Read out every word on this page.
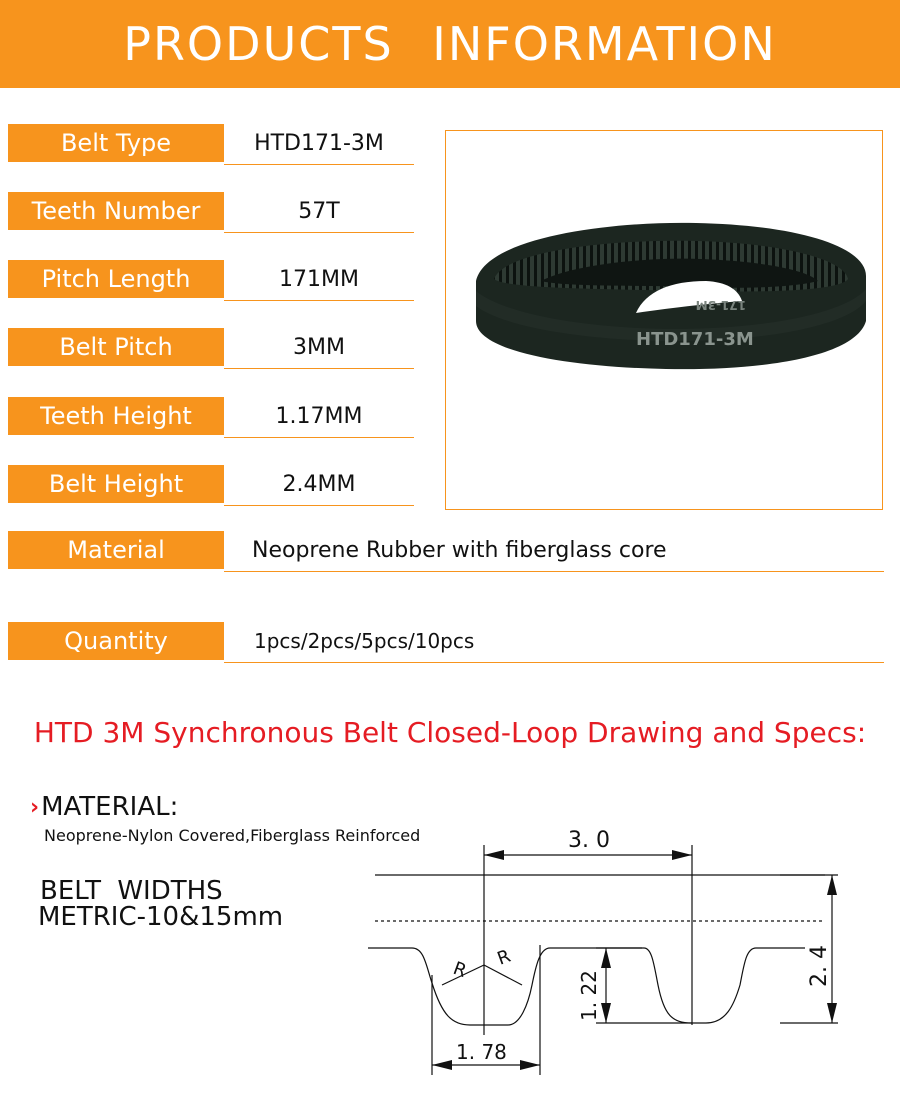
PRODUCTS INFORMATION
Belt Type	HTD171-3M
Teeth Number	57T
Pitch Length	171MM
Belt Pitch	3MM
Teeth Height	1.17MM
Belt Height	2.4MM
Material	Neoprene Rubber with fiberglass core
Quantity	1pcs/2pcs/5pcs/10pcs
HTD171-3M
171-3M
HTD 3M Synchronous Belt Closed-Loop Drawing and Specs:
› MATERIAL:
Neoprene-Nylon Covered,Fiberglass Reinforced
BELT WIDTHS
METRIC-10&15mm
3. 0
1. 22
2. 4
1. 78
R
R
